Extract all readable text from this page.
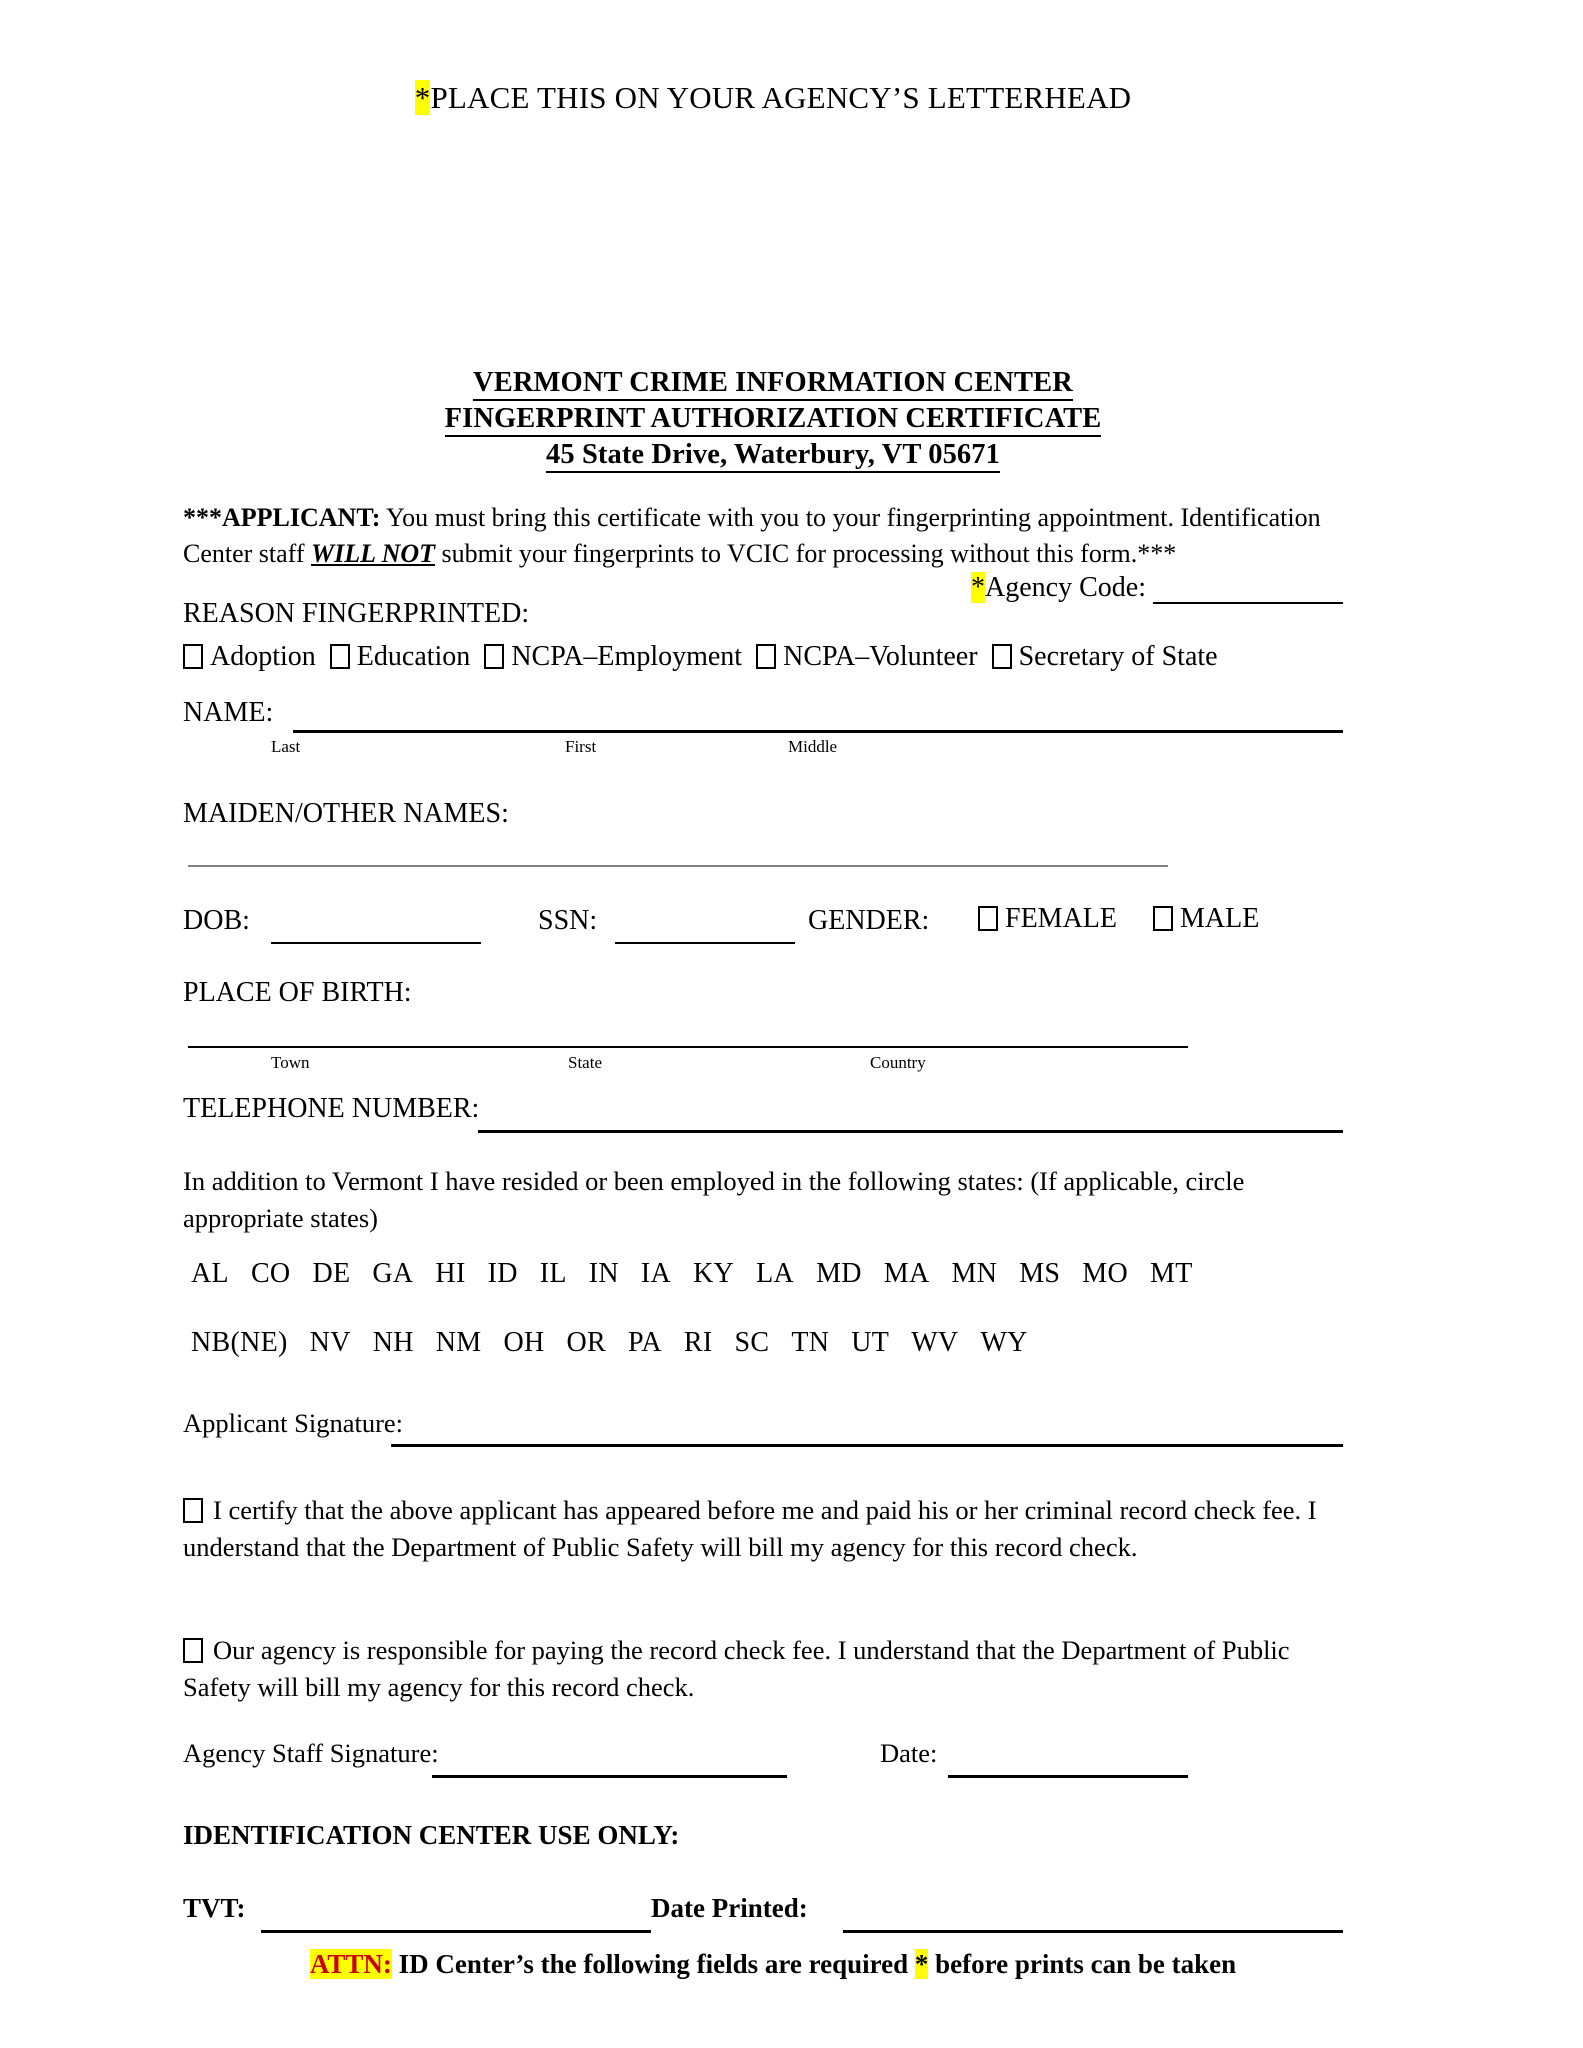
*PLACE THIS ON YOUR AGENCY’S LETTERHEAD
VERMONT CRIME INFORMATION CENTER
FINGERPRINT AUTHORIZATION CERTIFICATE
45 State Drive, Waterbury, VT 05671
***APPLICANT: You must bring this certificate with you to your fingerprinting appointment. Identification Center staff WILL NOT submit your fingerprints to VCIC for processing without this form.***
*Agency Code:
REASON FINGERPRINTED:
Adoption Education NCPA–Employment NCPA–Volunteer Secretary of State
NAME:
Last	First	Middle
MAIDEN/OTHER NAMES:
DOB:	SSN:	GENDER:	FEMALE	MALE
PLACE OF BIRTH:
Town	State	Country
TELEPHONE NUMBER:
In addition to Vermont I have resided or been employed in the following states: (If applicable, circle appropriate states)
AL CO DE GA HI ID IL IN IA KY LA MD MA MN MS MO MT
NB(NE) NV NH NM OH OR PA RI SC TN UT WV WY
Applicant Signature:
I certify that the above applicant has appeared before me and paid his or her criminal record check fee. I understand that the Department of Public Safety will bill my agency for this record check.
Our agency is responsible for paying the record check fee. I understand that the Department of Public Safety will bill my agency for this record check.
Agency Staff Signature:	Date:
IDENTIFICATION CENTER USE ONLY:
TVT:	Date Printed:
ATTN: ID Center’s the following fields are required * before prints can be taken
